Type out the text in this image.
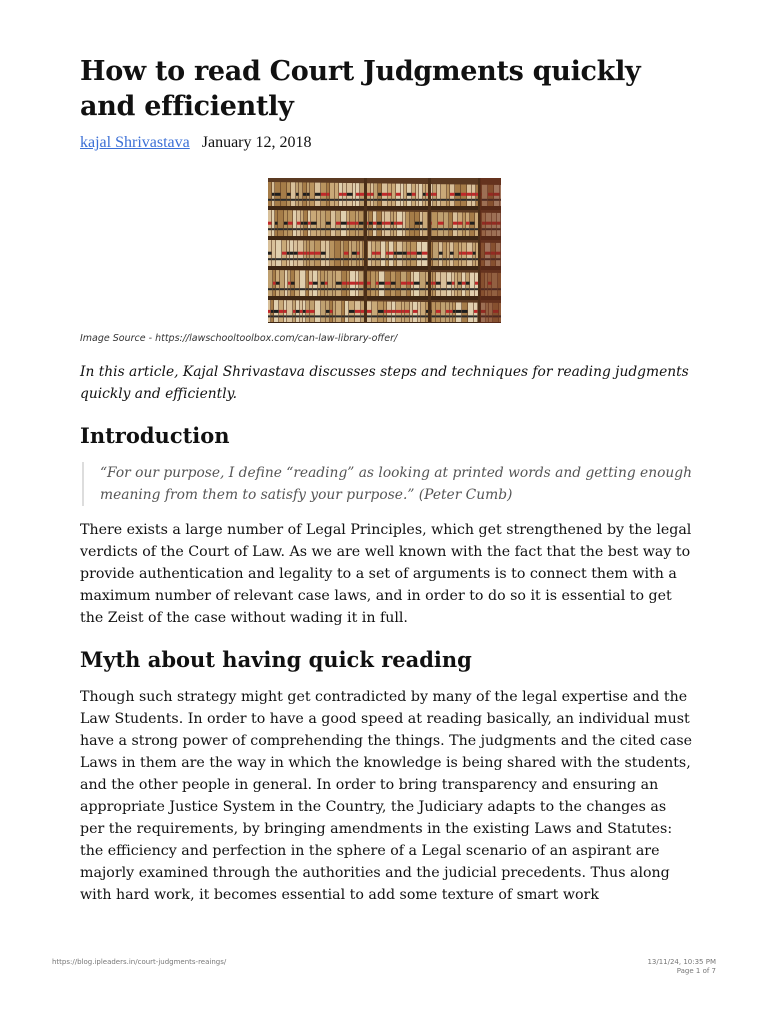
How to read Court Judgments quickly and efficiently
kajal Shrivastava January 12, 2018
Image Source - https://lawschooltoolbox.com/can-law-library-offer/
In this article, Kajal Shrivastava discusses steps and techniques for reading judgments quickly and efficiently.
Introduction
“For our purpose, I define “reading” as looking at printed words and getting enough meaning from them to satisfy your purpose.” (Peter Cumb)

There exists a large number of Legal Principles, which get strengthened by the legal verdicts of the Court of Law. As we are well known with the fact that the best way to provide authentication and legality to a set of arguments is to connect them with a maximum number of relevant case laws, and in order to do so it is essential to get the Zeist of the case without wading it in full.

Myth about having quick reading

Though such strategy might get contradicted by many of the legal expertise and the Law Students. In order to have a good speed at reading basically, an individual must have a strong power of comprehending the things. The judgments and the cited case Laws in them are the way in which the knowledge is being shared with the students, and the other people in general. In order to bring transparency and ensuring an appropriate Justice System in the Country, the Judiciary adapts to the changes as per the requirements, by bringing amendments in the existing Laws and Statutes: the efficiency and perfection in the sphere of a Legal scenario of an aspirant are majorly examined through the authorities and the judicial precedents. Thus along with hard work, it becomes essential to add some texture of smart work

https://blog.ipleaders.in/court-judgments-reaings/	13/11/24, 10:35 PM
Page 1 of 7
